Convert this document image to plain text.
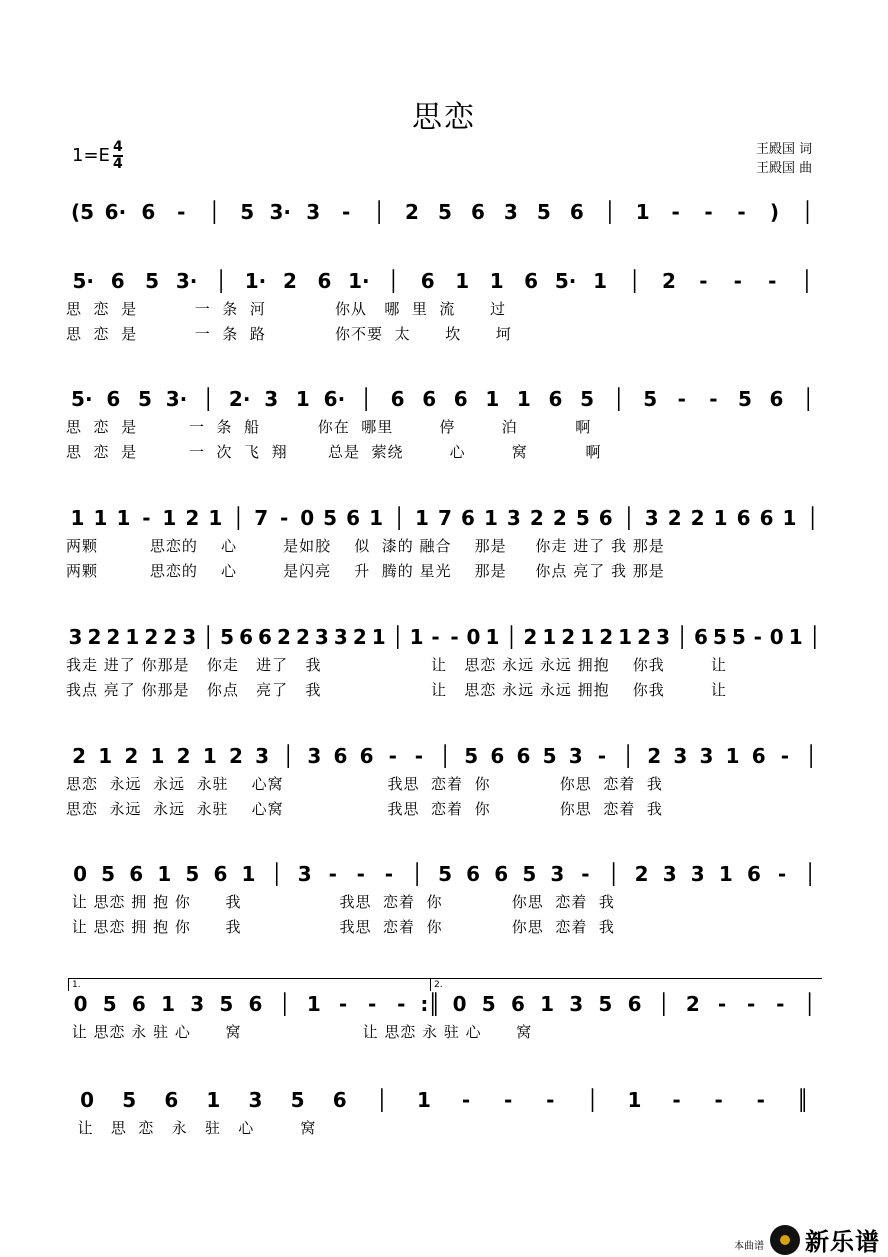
思恋
1=E 4
4
王殿国 词
王殿国 曲
(5 6· 6	-	│ 5 3· 3	-	│ 2 5 6 3 5 6 │ 1	-	-	-	)	│
5· 6	5 3· │ 1· 2	6 1· │	6	1	1	6 5· 1	│	2	-	-	-	│
思  恋  是          一  条  河            你从   哪  里  流      过
思  恋  是          一  条  路            你不要  太      坎      坷
5· 6 5 3· │ 2· 3 1 6· │ 6 6 6 1 1 6 5 │ 5	-	-	5 6 │
思  恋  是         一  条  船          你在  哪里        停        泊          啊
思  恋  是         一  次  飞  翔       总是  萦绕        心        窝          啊
1 1 1 - 1 2 1 │ 7 - 0 5 6 1 │ 1 7 6 1 3 2 2 5 6 │ 3 2 2 1 6 6 1 │
两颗         思恋的    心        是如胶    似  漆的 融合    那是     你走 进了 我 那是
两颗         思恋的    心        是闪亮    升  腾的 星光    那是     你点 亮了 我 那是
3 2 2 1 2 2 3 │ 5 6 6 2 2 3 3 2 1 │ 1 - - 0 1 │ 2 1 2 1 2 1 2 3 │ 6 5 5 - 0 1 │
我走 进了 你那是   你走   进了   我                   让   思恋 永远 永远 拥抱    你我        让
我点 亮了 你那是   你点   亮了   我                   让   思恋 永远 永远 拥抱    你我        让
2 1 2 1 2 1 2 3 │ 3 6 6 - - │ 5 6 6 5 3 - │ 2 3 3 1 6 - │
思恋  永远  永远  永驻    心窝                  我思  恋着  你            你思  恋着  我
思恋  永远  永远  永驻    心窝                  我思  恋着  你            你思  恋着  我
0 5 6 1 5 6 1 │ 3 - - - │ 5 6 6 5 3 - │ 2 3 3 1 6 - │
让 思恋 拥 抱 你      我                 我思  恋着  你            你思  恋着  我
让 思恋 拥 抱 你      我                 我思  恋着  你            你思  恋着  我
0 5 6 1 3 5 6 │ 1 -	-	- :║ 0 5 6 1 3 5 6 │ 2 -	-	- │
让 思恋 永 驻 心      窝                     让 思恋 永 驻 心      窝
0	5	6	1	3	5	6	│	1	-	-	-	│	1	-	-	-	║
让   思  恋   永   驻   心        窝
1.	2.
本曲谱 新乐谱
